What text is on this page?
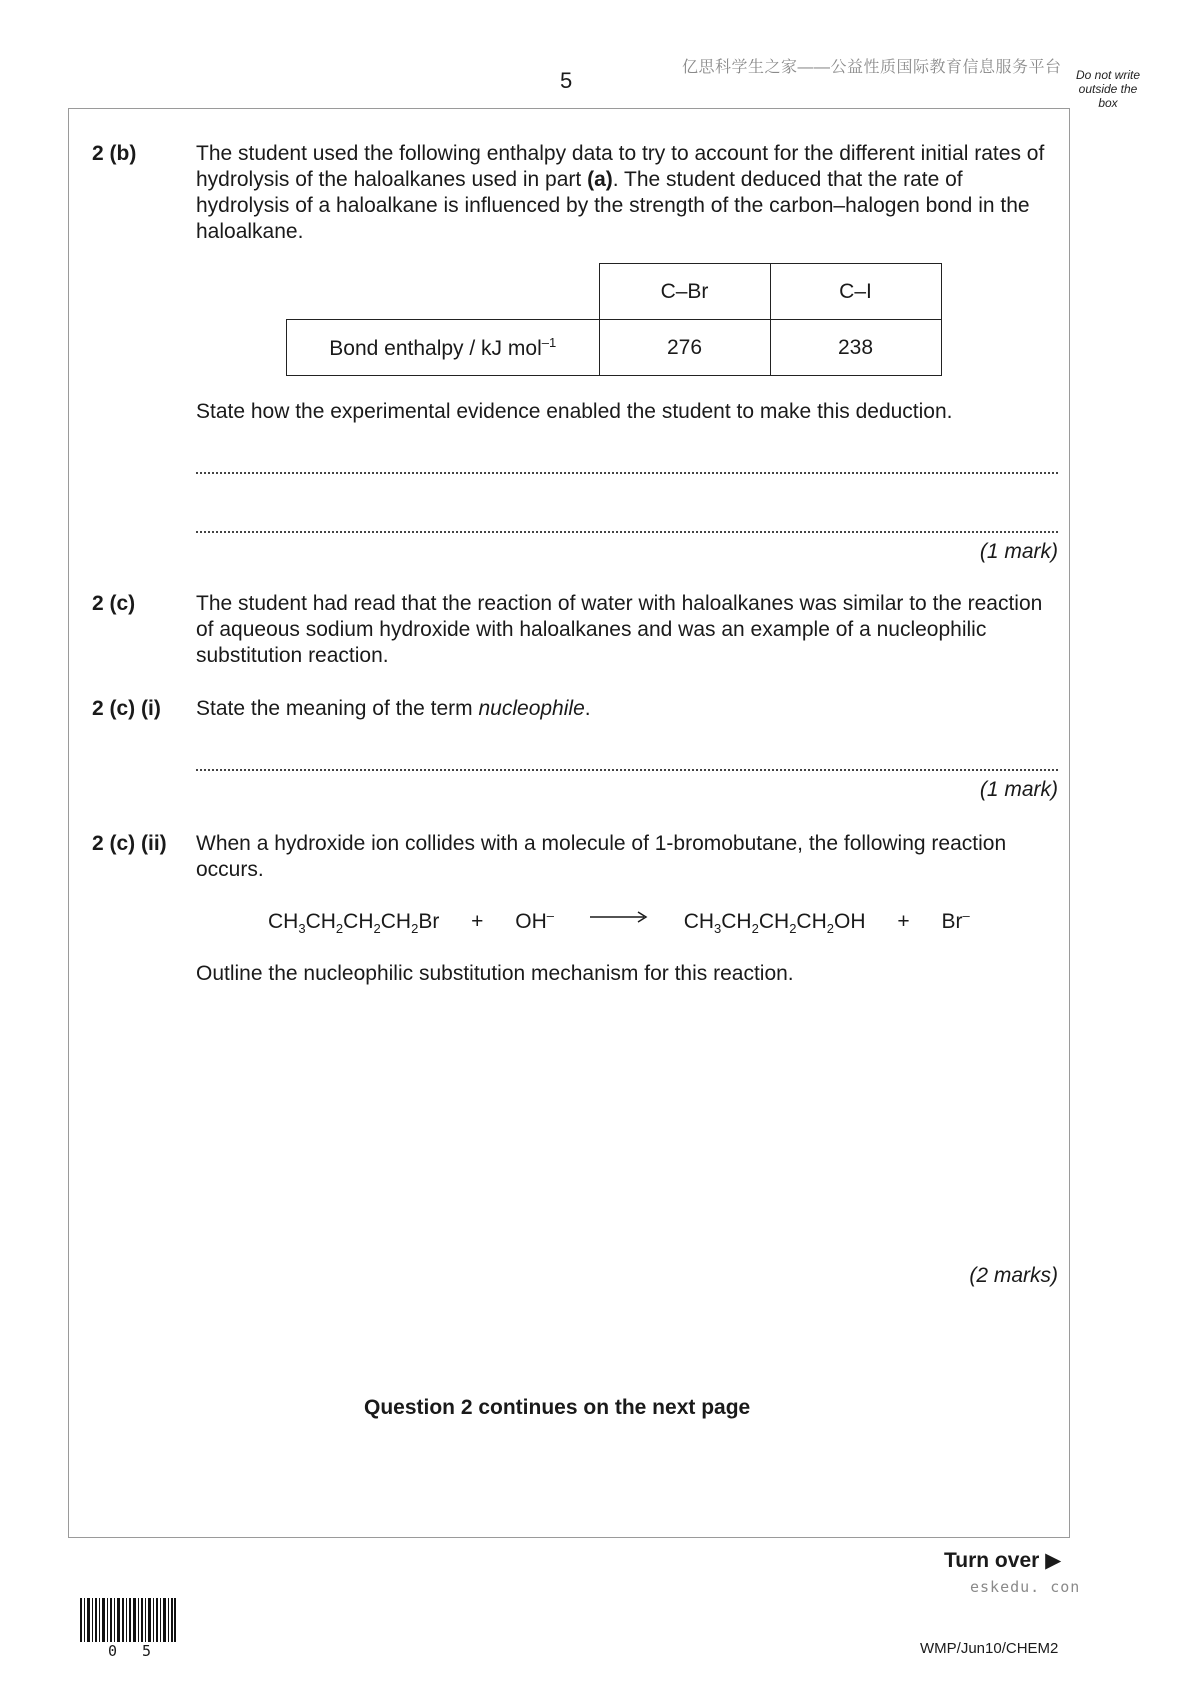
5
亿思科学生之家——公益性质国际教育信息服务平台	Do not write outside the box
2 (b)	The student used the following enthalpy data to try to account for the different initial rates of hydrolysis of the haloalkanes used in part (a). The student deduced that the rate of hydrolysis of a haloalkane is influenced by the strength of the carbon–halogen bond in the haloalkane.
	C–Br	C–I
Bond enthalpy / kJ mol$^{-1}$	276	238
State how the experimental evidence enabled the student to make this deduction.
(1 mark)
2 (c)	The student had read that the reaction of water with haloalkanes was similar to the reaction of aqueous sodium hydroxide with haloalkanes and was an example of a nucleophilic substitution reaction.
2 (c) (i) State the meaning of the term nucleophile.
(1 mark)
2 (c) (ii) When a hydroxide ion collides with a molecule of 1-bromobutane, the following reaction occurs.
$CH_3CH_2CH_2CH_2Br + OH^-$	$CH_3CH_2CH_2CH_2OH + Br^-$
Outline the nucleophilic substitution mechanism for this reaction.
(2 marks)
Question 2 continues on the next page
Turn over ▶
eskedu. con
0 5	WMP/Jun10/CHEM2
